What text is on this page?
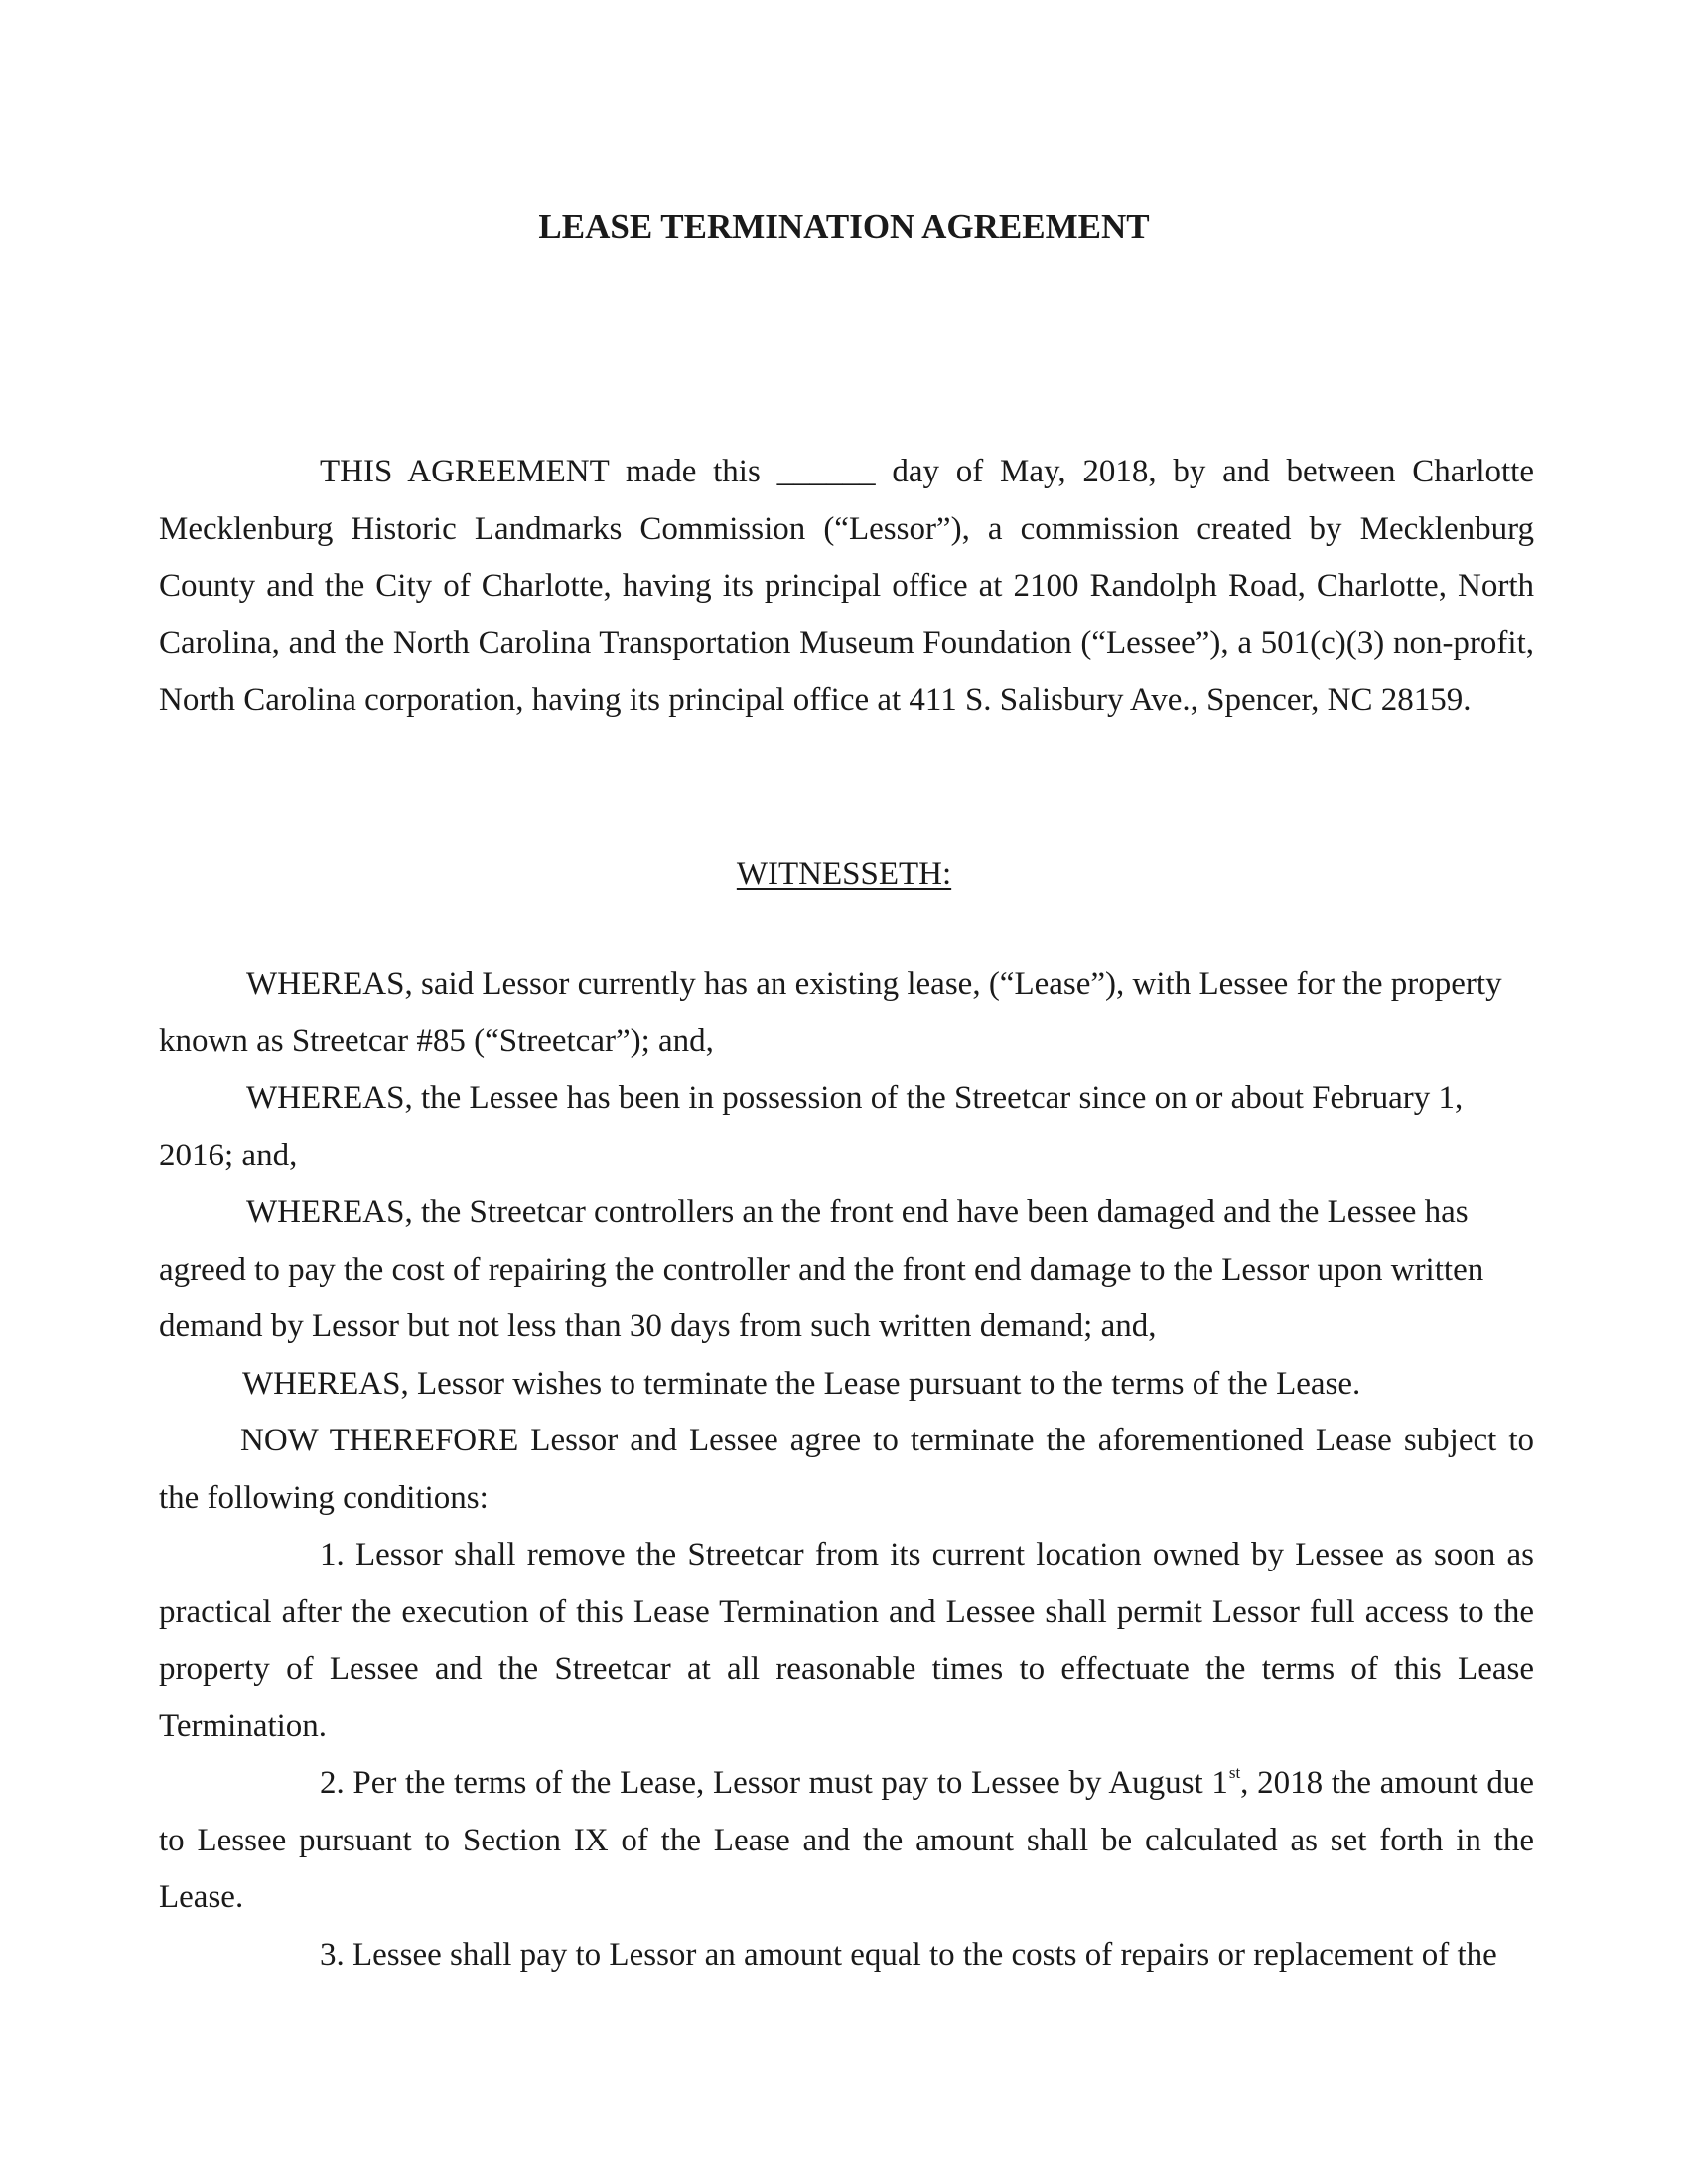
LEASE TERMINATION AGREEMENT

THIS AGREEMENT made this ______ day of May, 2018, by and between Charlotte Mecklenburg Historic Landmarks Commission (“Lessor”), a commission created by Mecklenburg County and the City of Charlotte, having its principal office at 2100 Randolph Road, Charlotte, North Carolina, and the North Carolina Transportation Museum Foundation (“Lessee”), a 501(c)(3) non-profit, North Carolina corporation, having its principal office at 411 S. Salisbury Ave., Spencer, NC 28159.

WITNESSETH:

WHEREAS, said Lessor currently has an existing lease, (“Lease”), with Lessee for the property known as Streetcar #85 (“Streetcar”); and,

WHEREAS, the Lessee has been in possession of the Streetcar since on or about February 1, 2016; and,

WHEREAS, the Streetcar controllers an the front end have been damaged and the Lessee has agreed to pay the cost of repairing the controller and the front end damage to the Lessor upon written demand by Lessor but not less than 30 days from such written demand; and,

WHEREAS, Lessor wishes to terminate the Lease pursuant to the terms of the Lease.

NOW THEREFORE Lessor and Lessee agree to terminate the aforementioned Lease subject to the following conditions:

1. Lessor shall remove the Streetcar from its current location owned by Lessee as soon as practical after the execution of this Lease Termination and Lessee shall permit Lessor full access to the property of Lessee and the Streetcar at all reasonable times to effectuate the terms of this Lease Termination.

2. Per the terms of the Lease, Lessor must pay to Lessee by August 1st, 2018 the amount due to Lessee pursuant to Section IX of the Lease and the amount shall be calculated as set forth in the Lease.

3. Lessee shall pay to Lessor an amount equal to the costs of repairs or replacement of the
